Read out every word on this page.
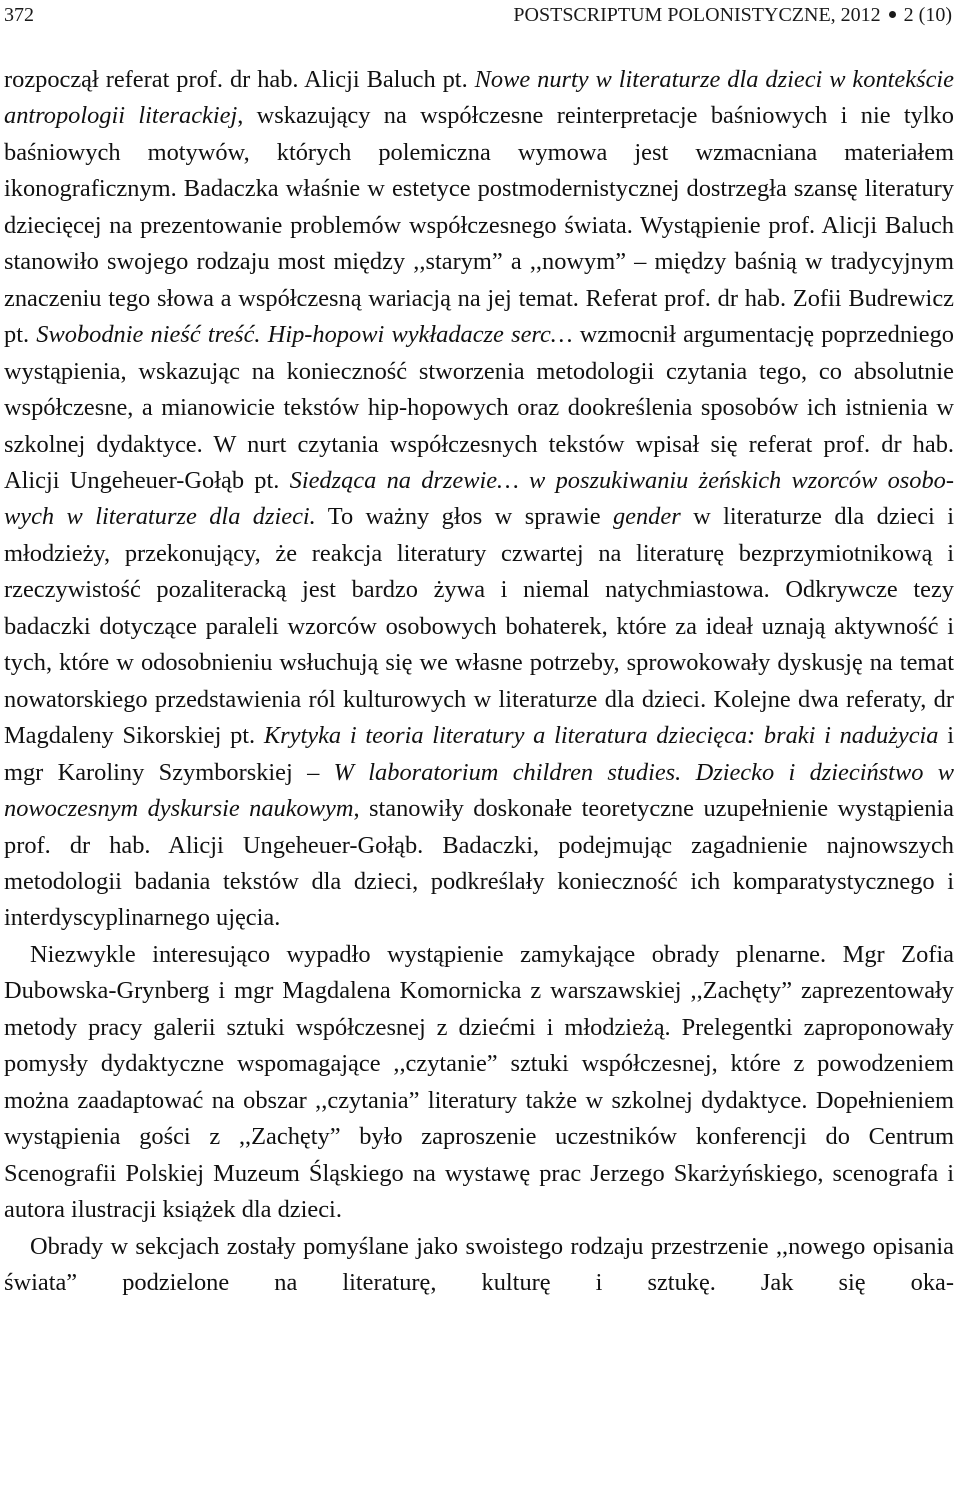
372	POSTSCRIPTUM POLONISTYCZNE, 2012 2 (10)

rozpoczął referat prof. dr hab. Alicji Baluch pt. Nowe nurty w literaturze dla dzieci w kontekście antropologii literackiej, wskazujący na współczesne reinterpretacje baśniowych i nie tylko baśniowych motywów, których polemiczna wymowa jest wzmacniana materiałem ikonograficznym. Badaczka właśnie w estetyce postmodernistycznej dostrzegła szansę literatury dziecięcej na prezentowanie problemów współczesnego świata. Wystąpienie prof. Alicji Baluch stanowiło swojego rodzaju most między ,,starym” a ,,nowym” – między baśnią w tradycyjnym znaczeniu tego słowa a współczesną wariacją na jej temat. Referat prof. dr hab. Zofii Budrewicz pt. Swobodnie nieść treść. Hip-hopowi wykładacze serc… wzmocnił argumentację poprzedniego wystąpienia, wskazując na konieczność stworzenia metodologii czytania tego, co absolutnie współczesne, a mianowicie tekstów hip-hopowych oraz dookreślenia sposobów ich istnienia w szkolnej dydaktyce. W nurt czytania współczesnych tekstów wpisał się referat prof. dr hab. Alicji Ungeheuer-Gołąb pt. Siedząca na drzewie… w poszukiwaniu żeńskich wzorców osobowych w literaturze dla dzieci. To ważny głos w sprawie gender w literaturze dla dzieci i młodzieży, przekonujący, że reakcja literatury czwartej na literaturę bezprzymiotnikową i rzeczywistość pozaliteracką jest bardzo żywa i niemal natychmiastowa. Odkrywcze tezy badaczki dotyczące paraleli wzorców osobowych bohaterek, które za ideał uznają aktywność i tych, które w odosobnieniu wsłuchują się we własne potrzeby, sprowokowały dyskusję na temat nowatorskiego przedstawienia ról kulturowych w literaturze dla dzieci. Kolejne dwa referaty, dr Magdaleny Sikorskiej pt. Krytyka i teoria literatury a literatura dziecięca: braki i nadużycia i mgr Karoliny Szymborskiej – W laboratorium children studies. Dziecko i dzieciństwo w nowoczesnym dyskursie naukowym, stanowiły doskonałe teoretyczne uzupełnienie wystąpienia prof. dr hab. Alicji Ungeheuer-Gołąb. Badaczki, podejmując zagadnienie najnowszych metodologii badania tekstów dla dzieci, podkreślały konieczność ich komparatystycznego i interdyscyplinarnego ujęcia.

Niezwykle interesująco wypadło wystąpienie zamykające obrady plenarne. Mgr Zofia Dubowska-Grynberg i mgr Magdalena Komornicka z warszawskiej ,,Zachęty” zaprezentowały metody pracy galerii sztuki współczesnej z dziećmi i młodzieżą. Prelegentki zaproponowały pomysły dydaktyczne wspomagające ,,czytanie” sztuki współczesnej, które z powodzeniem można zaadaptować na obszar ,,czytania” literatury także w szkolnej dydaktyce. Dopełnieniem wystąpienia gości z ,,Zachęty” było zaproszenie uczestników konferencji do Centrum Scenografii Polskiej Muzeum Śląskiego na wystawę prac Jerzego Skarżyńskiego, scenografa i autora ilustracji książek dla dzieci.

Obrady w sekcjach zostały pomyślane jako swoistego rodzaju przestrzenie ,,nowego opisania świata” podzielone na literaturę, kulturę i sztukę. Jak się oka-
